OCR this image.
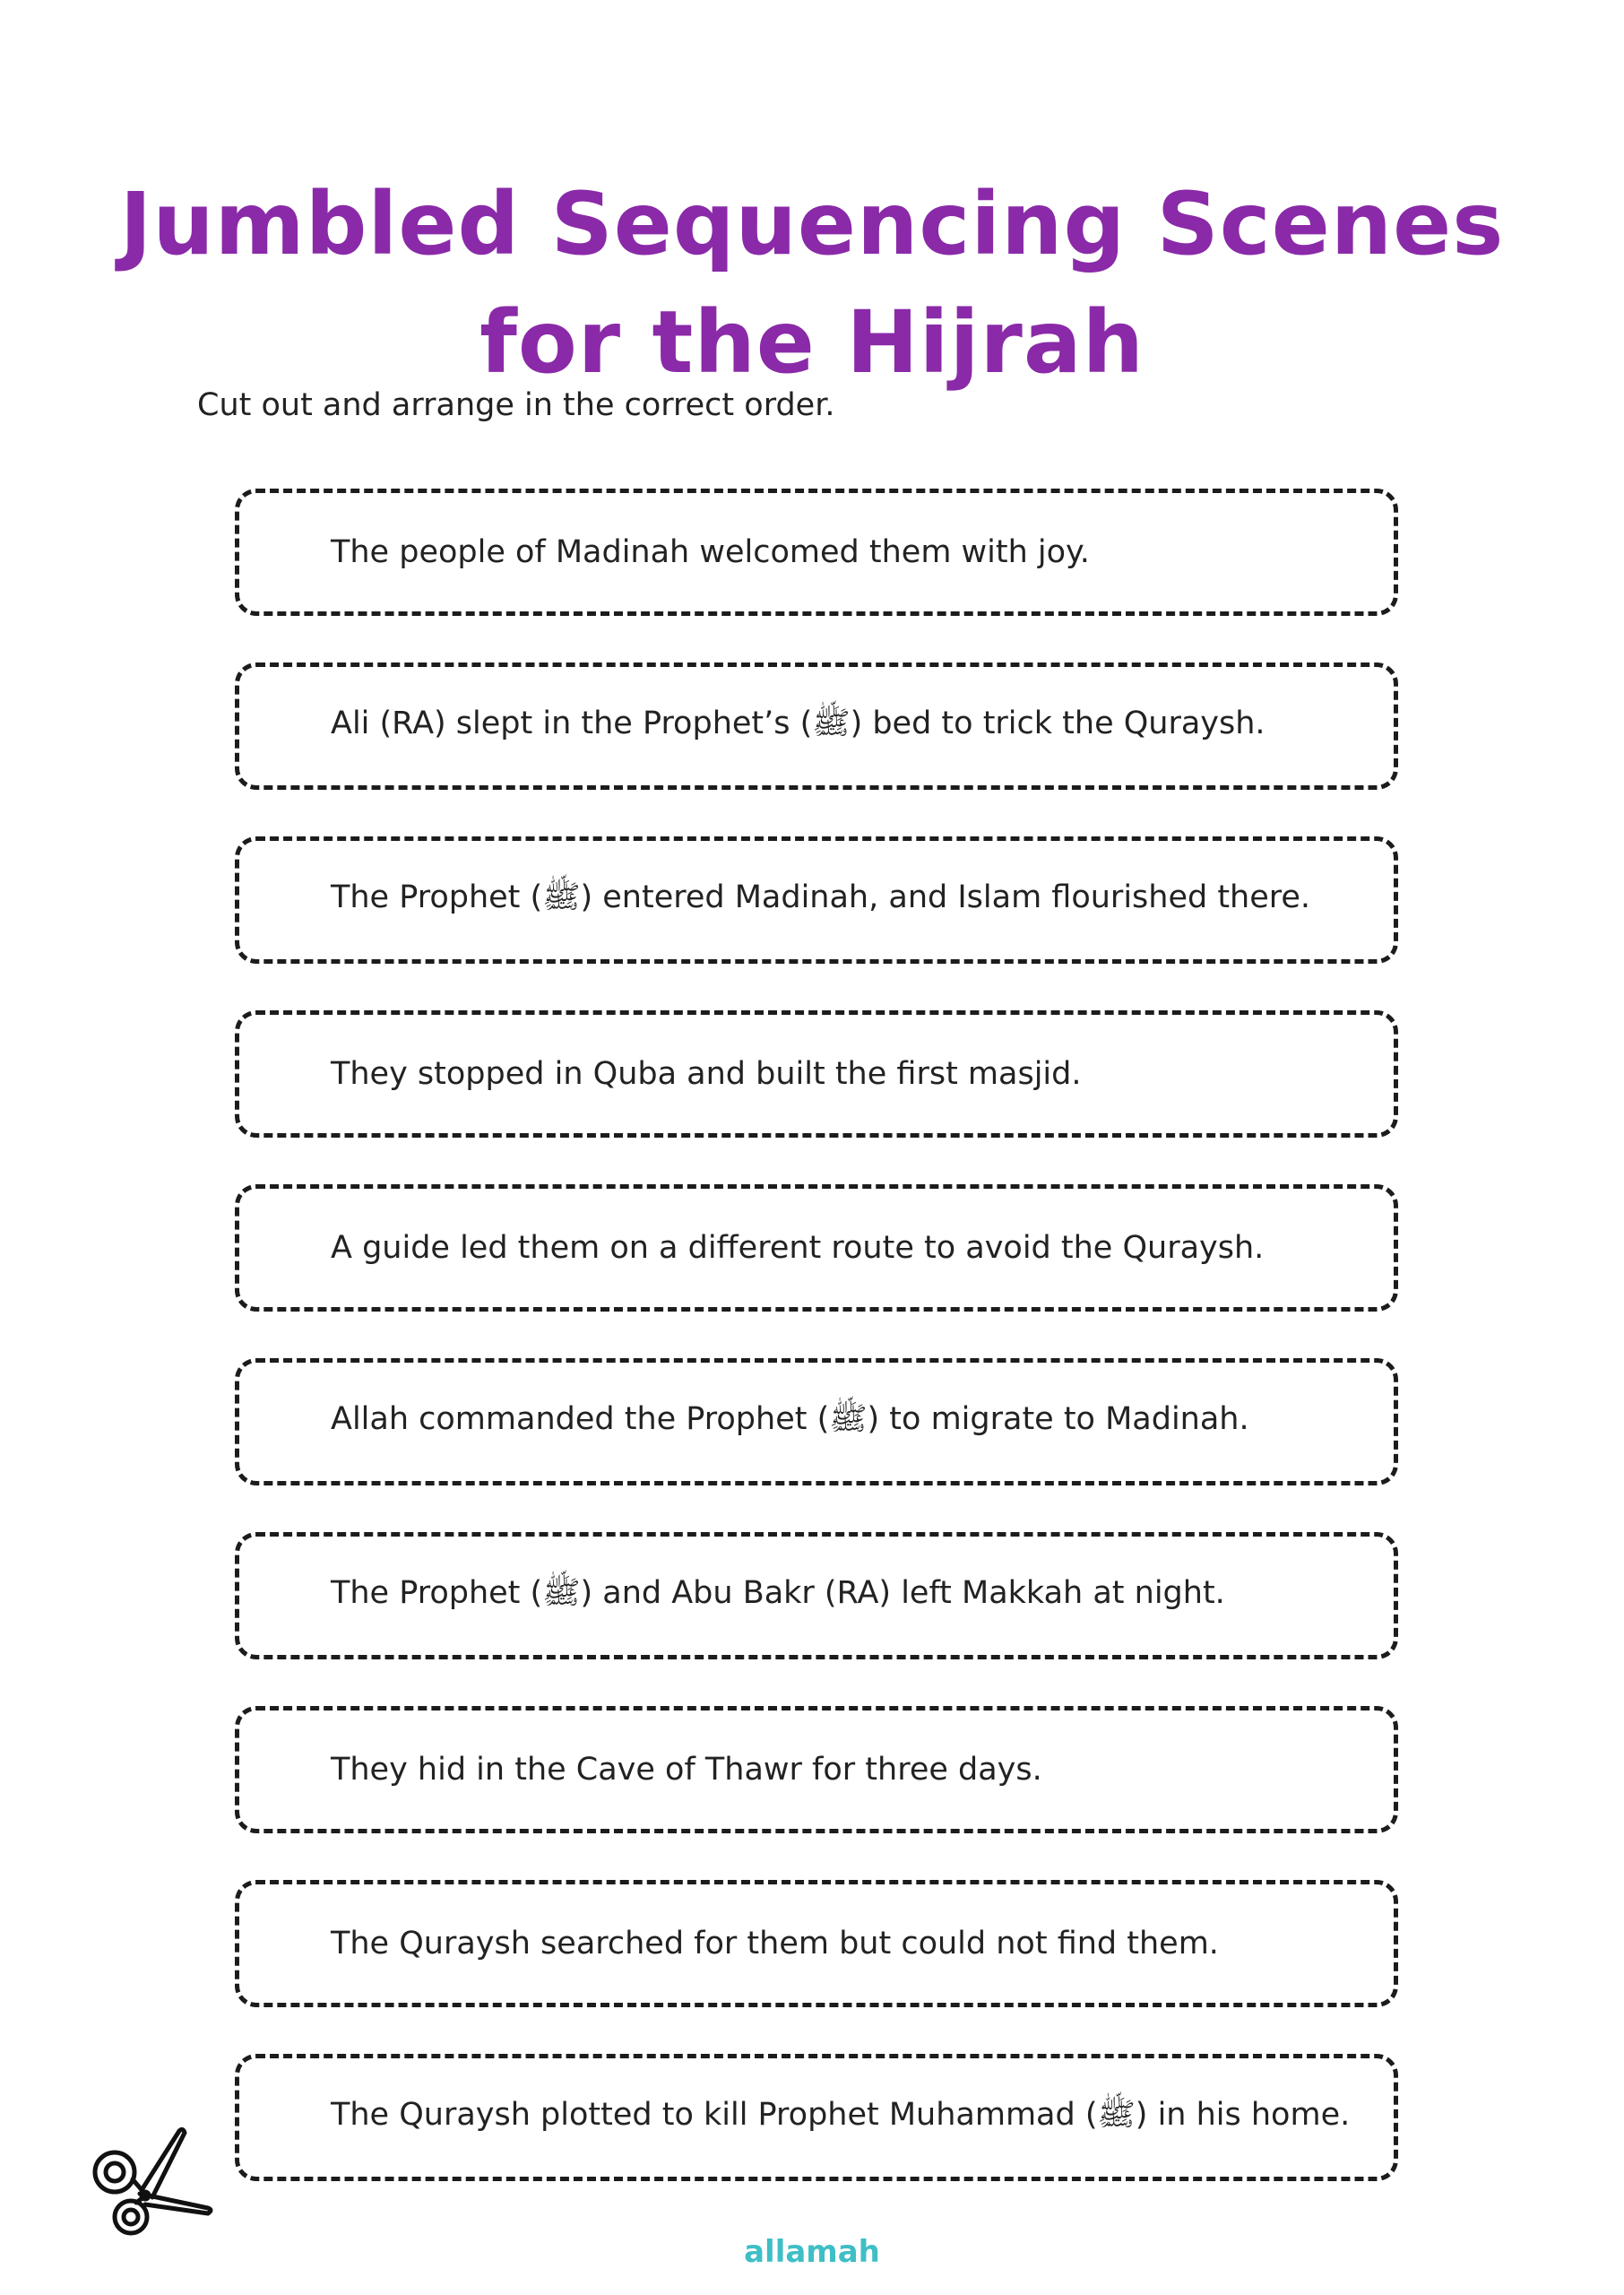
Jumbled Sequencing Scenes
for the Hijrah
Cut out and arrange in the correct order.
The people of Madinah welcomed them with joy.
Ali (RA) slept in the Prophet’s (ﷺ) bed to trick the Quraysh.
The Prophet (ﷺ) entered Madinah, and Islam flourished there.
They stopped in Quba and built the first masjid.
A guide led them on a different route to avoid the Quraysh.
Allah commanded the Prophet (ﷺ) to migrate to Madinah.
The Prophet (ﷺ) and Abu Bakr (RA) left Makkah at night.
They hid in the Cave of Thawr for three days.
The Quraysh searched for them but could not find them.
The Quraysh plotted to kill Prophet Muhammad (ﷺ) in his home.
allamah
